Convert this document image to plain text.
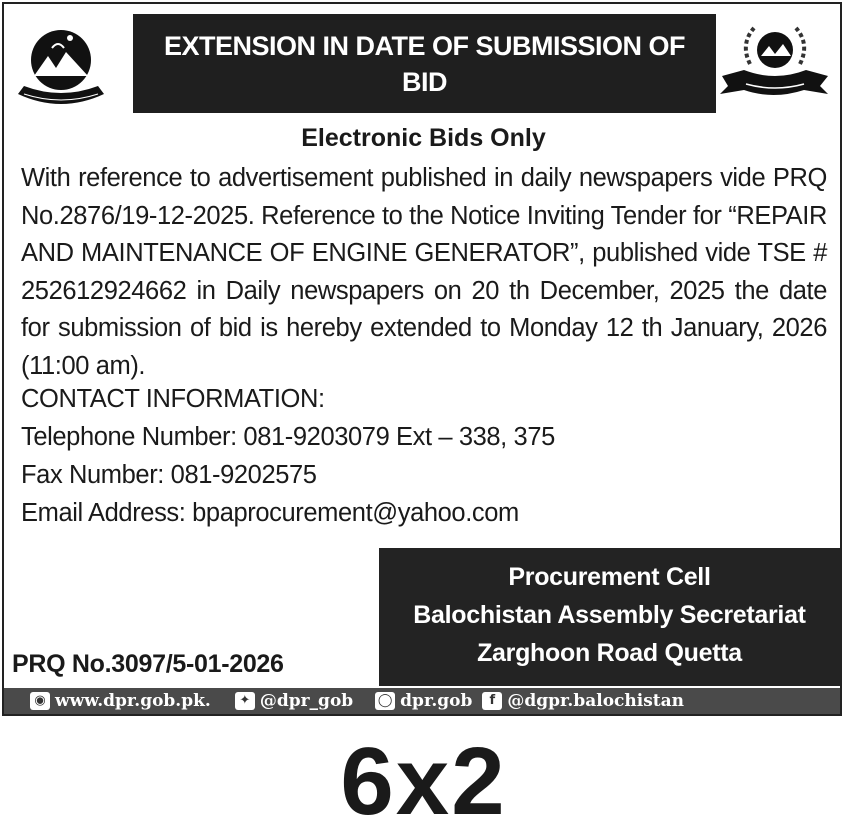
EXTENSION IN DATE OF SUBMISSION OF BID
Electronic Bids Only
With reference to advertisement published in daily newspapers vide PRQ No.2876/19-12-2025. Reference to the Notice Inviting Tender for “REPAIR AND MAINTENANCE OF ENGINE GENERATOR”, published vide TSE # 252612924662 in Daily newspapers on 20 th December, 2025 the date for submission of bid is hereby extended to Monday 12 th January, 2026 (11:00 am).
CONTACT INFORMATION:
Telephone Number: 081-9203079 Ext – 338, 375
Fax Number: 081-9202575
Email Address: bpaprocurement@yahoo.com
Procurement Cell
Balochistan Assembly Secretariat
Zarghoon Road Quetta
PRQ No.3097/5-01-2026
◉ www.dpr.gob.pk.	✦ @dpr_gob ◯ dpr.gob	f @dgpr.balochistan
6x2
